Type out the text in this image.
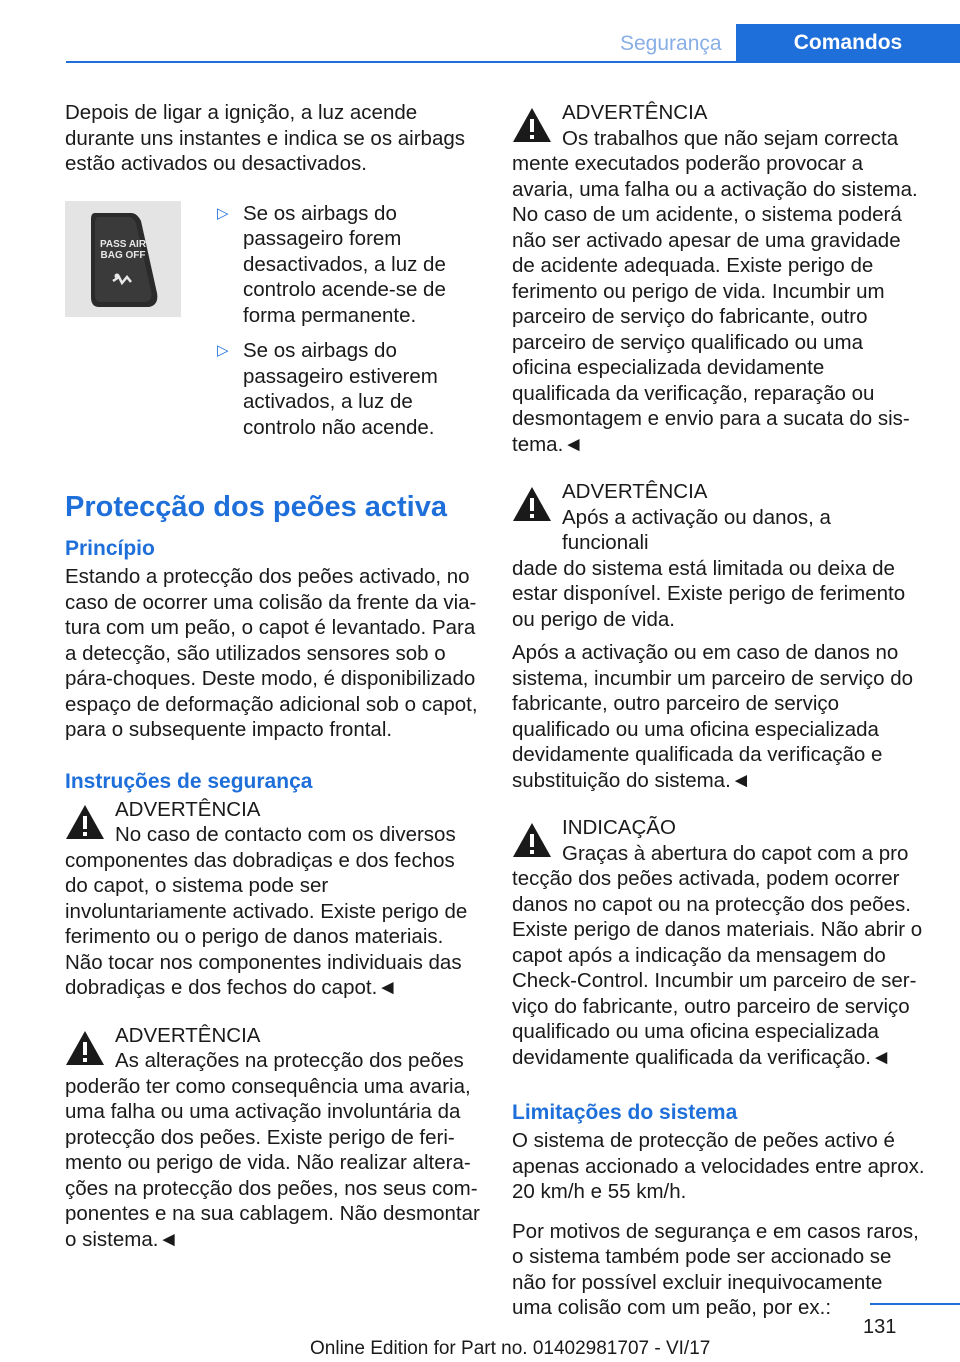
Segurança	Comandos

Depois de ligar a ignição, a luz acende durante uns instantes e indica se os airbags estão activados ou desactivados.

PASS AIR BAG OFF
▷ Se os airbags do passageiro forem desactivados, a luz de controlo acende-se de forma permanente.
▷ Se os airbags do passageiro estiverem activados, a luz de controlo não acende.
Protecção dos peões activa
Princípio

Estando a protecção dos peões activado, no caso de ocorrer uma colisão da frente da viatura com um peão, o capot é levantado. Para a detecção, são utilizados sensores sob o pára-choques. Deste modo, é disponibilizado espaço de deformação adicional sob o capot, para o subsequente impacto frontal.

Instruções de segurança
ADVERTÊNCIA
No caso de contacto com os diversos
componentes das dobradiças e dos fechos do capot, o sistema pode ser involuntariamente activado. Existe perigo de ferimento ou o perigo de danos materiais. Não tocar nos componentes individuais das dobradiças e dos fechos do capot.◄
ADVERTÊNCIA
As alterações na protecção dos peões
poderão ter como consequência uma avaria, uma falha ou uma activação involuntária da protecção dos peões. Existe perigo de ferimento ou perigo de vida. Não realizar alterações na protecção dos peões, nos seus componentes e na sua cablagem. Não desmontar o sistema.◄
ADVERTÊNCIA
Os trabalhos que não sejam correcta
mente executados poderão provocar a avaria, uma falha ou a activação do sistema. No caso de um acidente, o sistema poderá não ser activado apesar de uma gravidade de acidente adequada. Existe perigo de ferimento ou perigo de vida. Incumbir um parceiro de serviço do fabricante, outro parceiro de serviço qualificado ou uma oficina especializada devidamente qualificada da verificação, reparação ou desmontagem e envio para a sucata do sistema.◄
ADVERTÊNCIA
Após a activação ou danos, a funcionali
dade do sistema está limitada ou deixa de estar disponível. Existe perigo de ferimento ou perigo de vida.

Após a activação ou em caso de danos no sistema, incumbir um parceiro de serviço do fabricante, outro parceiro de serviço qualificado ou uma oficina especializada devidamente qualificada da verificação e substituição do sistema.◄

INDICAÇÃO
Graças à abertura do capot com a pro
tecção dos peões activada, podem ocorrer danos no capot ou na protecção dos peões. Existe perigo de danos materiais. Não abrir o capot após a indicação da mensagem do Check-Control. Incumbir um parceiro de serviço do fabricante, outro parceiro de serviço qualificado ou uma oficina especializada devidamente qualificada da verificação.◄
Limitações do sistema

O sistema de protecção de peões activo é apenas accionado a velocidades entre aprox. 20 km/h e 55 km/h.

Por motivos de segurança e em casos raros, o sistema também pode ser accionado se não for possível excluir inequivocamente uma colisão com um peão, por ex.:

131
Online Edition for Part no. 01402981707 - VI/17
